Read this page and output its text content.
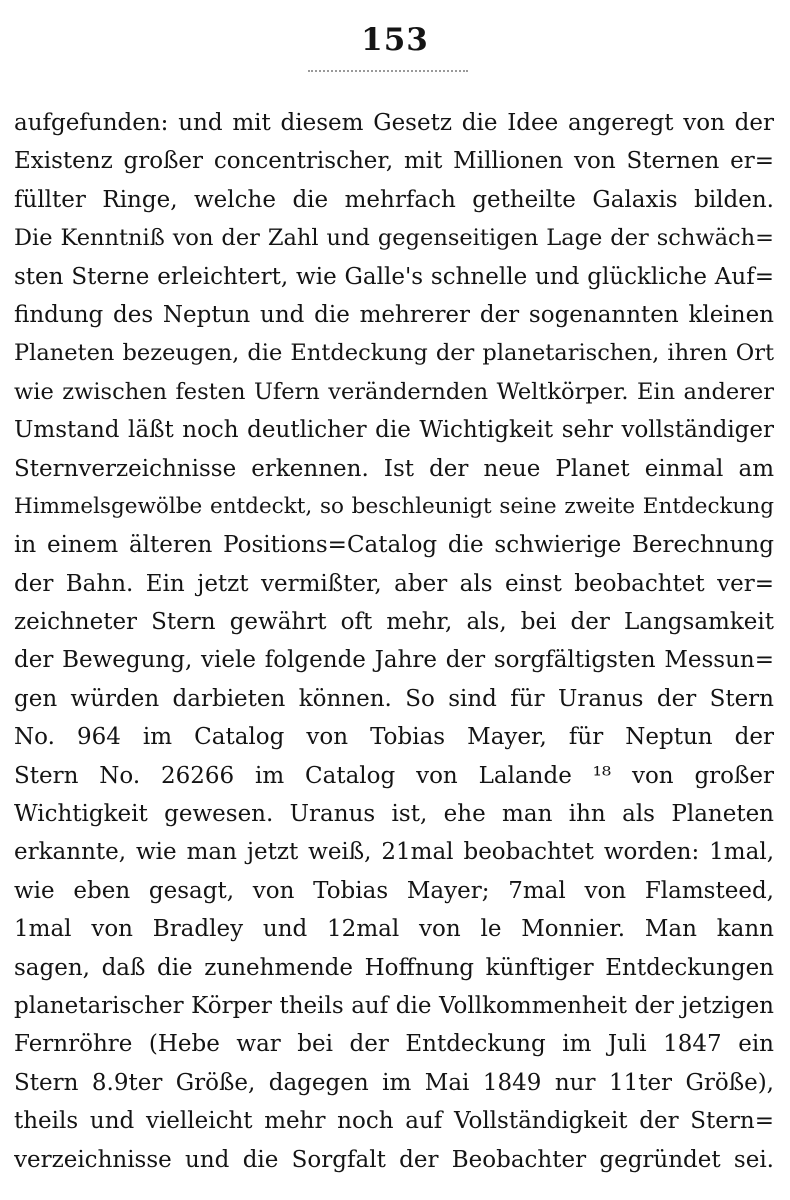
153
aufgefunden: und mit diesem Gesetz die Idee angeregt von der
Existenz großer concentrischer, mit Millionen von Sternen er=
füllter Ringe, welche die mehrfach getheilte Galaxis bilden.
Die Kenntniß von der Zahl und gegenseitigen Lage der schwäch=
sten Sterne erleichtert, wie Galle's schnelle und glückliche Auf=
findung des Neptun und die mehrerer der sogenannten kleinen
Planeten bezeugen, die Entdeckung der planetarischen, ihren Ort
wie zwischen festen Ufern verändernden Weltkörper. Ein anderer
Umstand läßt noch deutlicher die Wichtigkeit sehr vollständiger
Sternverzeichnisse erkennen. Ist der neue Planet einmal am
Himmelsgewölbe entdeckt, so beschleunigt seine zweite Entdeckung
in einem älteren Positions=Catalog die schwierige Berechnung
der Bahn. Ein jetzt vermißter, aber als einst beobachtet ver=
zeichneter Stern gewährt oft mehr, als, bei der Langsamkeit
der Bewegung, viele folgende Jahre der sorgfältigsten Messun=
gen würden darbieten können. So sind für Uranus der Stern
No. 964 im Catalog von Tobias Mayer, für Neptun der
Stern No. 26266 im Catalog von Lalande ¹⁸ von großer
Wichtigkeit gewesen. Uranus ist, ehe man ihn als Planeten
erkannte, wie man jetzt weiß, 21mal beobachtet worden: 1mal,
wie eben gesagt, von Tobias Mayer; 7mal von Flamsteed,
1mal von Bradley und 12mal von le Monnier. Man kann
sagen, daß die zunehmende Hoffnung künftiger Entdeckungen
planetarischer Körper theils auf die Vollkommenheit der jetzigen
Fernröhre (Hebe war bei der Entdeckung im Juli 1847 ein
Stern 8.9ter Größe, dagegen im Mai 1849 nur 11ter Größe),
theils und vielleicht mehr noch auf Vollständigkeit der Stern=
verzeichnisse und die Sorgfalt der Beobachter gegründet sei.
